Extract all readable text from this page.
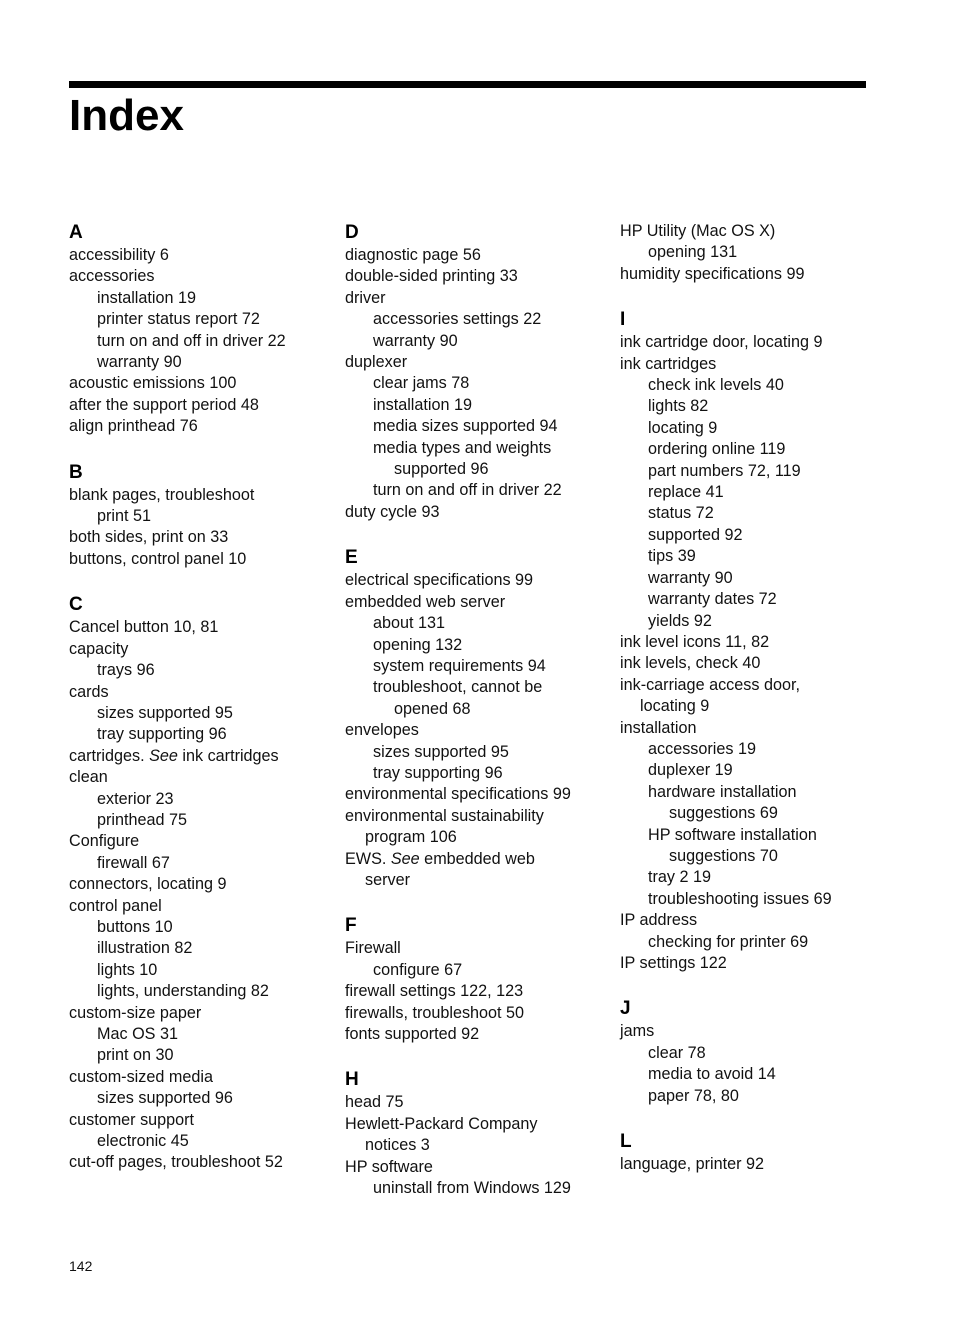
Index
A
accessibility 6
accessories
installation 19
printer status report 72
turn on and off in driver 22
warranty 90
acoustic emissions 100
after the support period 48
align printhead 76
B
blank pages, troubleshoot
print 51
both sides, print on 33
buttons, control panel 10
C
Cancel button 10, 81
capacity
trays 96
cards
sizes supported 95
tray supporting 96
cartridges. See ink cartridges
clean
exterior 23
printhead 75
Configure
firewall 67
connectors, locating 9
control panel
buttons 10
illustration 82
lights 10
lights, understanding 82
custom-size paper
Mac OS 31
print on 30
custom-sized media
sizes supported 96
customer support
electronic 45
cut-off pages, troubleshoot 52
D
diagnostic page 56
double-sided printing 33
driver
accessories settings 22
warranty 90
duplexer
clear jams 78
installation 19
media sizes supported 94
media types and weights
supported 96
turn on and off in driver 22
duty cycle 93
E
electrical specifications 99
embedded web server
about 131
opening 132
system requirements 94
troubleshoot, cannot be
opened 68
envelopes
sizes supported 95
tray supporting 96
environmental specifications 99
environmental sustainability
program 106
EWS. See embedded web
server
F
Firewall
configure 67
firewall settings 122, 123
firewalls, troubleshoot 50
fonts supported 92
H
head 75
Hewlett-Packard Company
notices 3
HP software
uninstall from Windows 129
HP Utility (Mac OS X)
opening 131
humidity specifications 99
I
ink cartridge door, locating 9
ink cartridges
check ink levels 40
lights 82
locating 9
ordering online 119
part numbers 72, 119
replace 41
status 72
supported 92
tips 39
warranty 90
warranty dates 72
yields 92
ink level icons 11, 82
ink levels, check 40
ink-carriage access door,
locating 9
installation
accessories 19
duplexer 19
hardware installation
suggestions 69
HP software installation
suggestions 70
tray 2 19
troubleshooting issues 69
IP address
checking for printer 69
IP settings 122
J
jams
clear 78
media to avoid 14
paper 78, 80
L
language, printer 92
142
